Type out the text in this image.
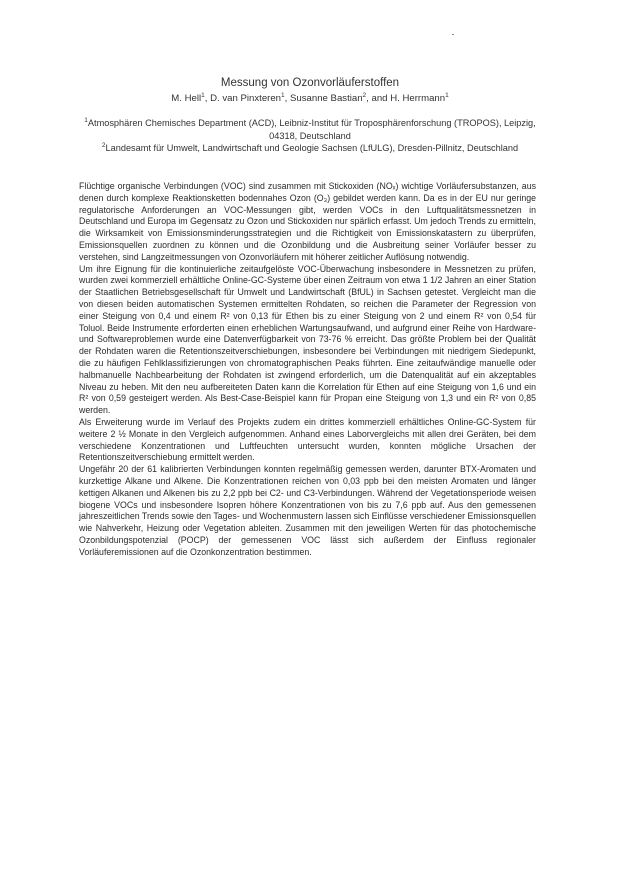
Messung von Ozonvorläuferstoffen
M. Hell$^1$, D. van Pinxteren$^1$, Susanne Bastian$^2$, and H. Herrmann$^1$
$^1$Atmosphären Chemisches Department (ACD), Leibniz-Institut für Troposphärenforschung (TROPOS), Leipzig, 04318, Deutschland
$^2$Landesamt für Umwelt, Landwirtschaft und Geologie Sachsen (LfULG), Dresden-Pillnitz, Deutschland

Flüchtige organische Verbindungen (VOC) sind zusammen mit Stickoxiden (NOₓ) wichtige Vorläufersubstanzen, aus denen durch komplexe Reaktionsketten bodennahes Ozon (O₃) gebildet werden kann. Da es in der EU nur geringe regulatorische Anforderungen an VOC-Messungen gibt, werden VOCs in den Luftqualitätsmessnetzen in Deutschland und Europa im Gegensatz zu Ozon und Stickoxiden nur spärlich erfasst. Um jedoch Trends zu ermitteln, die Wirksamkeit von Emissionsminderungsstrategien und die Richtigkeit von Emissionskatastern zu überprüfen, Emissionsquellen zuordnen zu können und die Ozonbildung und die Ausbreitung seiner Vorläufer besser zu verstehen, sind Langzeitmessungen von Ozonvorläufern mit höherer zeitlicher Auflösung notwendig.

Um ihre Eignung für die kontinuierliche zeitaufgelöste VOC-Überwachung insbesondere in Messnetzen zu prüfen, wurden zwei kommerziell erhältliche Online-GC-Systeme über einen Zeitraum von etwa 1 1/2 Jahren an einer Station der Staatlichen Betriebsgesellschaft für Umwelt und Landwirtschaft (BfUL) in Sachsen getestet. Vergleicht man die von diesen beiden automatischen Systemen ermittelten Rohdaten, so reichen die Parameter der Regression von einer Steigung von 0,4 und einem R² von 0,13 für Ethen bis zu einer Steigung von 2 und einem R² von 0,54 für Toluol. Beide Instrumente erforderten einen erheblichen Wartungsaufwand, und aufgrund einer Reihe von Hardware- und Softwareproblemen wurde eine Datenverfügbarkeit von 73-76 % erreicht. Das größte Problem bei der Qualität der Rohdaten waren die Retentionszeitverschiebungen, insbesondere bei Verbindungen mit niedrigem Siedepunkt, die zu häufigen Fehlklassifizierungen von chromatographischen Peaks führten. Eine zeitaufwändige manuelle oder halbmanuelle Nachbearbeitung der Rohdaten ist zwingend erforderlich, um die Datenqualität auf ein akzeptables Niveau zu heben. Mit den neu aufbereiteten Daten kann die Korrelation für Ethen auf eine Steigung von 1,6 und ein R² von 0,59 gesteigert werden. Als Best-Case-Beispiel kann für Propan eine Steigung von 1,3 und ein R² von 0,85 werden.

Als Erweiterung wurde im Verlauf des Projekts zudem ein drittes kommerziell erhältliches Online-GC-System für weitere 2 ½ Monate in den Vergleich aufgenommen. Anhand eines Laborvergleichs mit allen drei Geräten, bei dem verschiedene Konzentrationen und Luftfeuchten untersucht wurden, konnten mögliche Ursachen der Retentionszeitverschiebung ermittelt werden.

Ungefähr 20 der 61 kalibrierten Verbindungen konnten regelmäßig gemessen werden, darunter BTX-Aromaten und kurzkettige Alkane und Alkene. Die Konzentrationen reichen von 0,03 ppb bei den meisten Aromaten und länger kettigen Alkanen und Alkenen bis zu 2,2 ppb bei C2- und C3-Verbindungen. Während der Vegetationsperiode weisen biogene VOCs und insbesondere Isopren höhere Konzentrationen von bis zu 7,6 ppb auf. Aus den gemessenen jahreszeitlichen Trends sowie den Tages- und Wochenmustern lassen sich Einflüsse verschiedener Emissionsquellen wie Nahverkehr, Heizung oder Vegetation ableiten. Zusammen mit den jeweiligen Werten für das photochemische Ozonbildungspotenzial (POCP) der gemessenen VOC lässt sich außerdem der Einfluss regionaler Vorläuferemissionen auf die Ozonkonzentration bestimmen.
